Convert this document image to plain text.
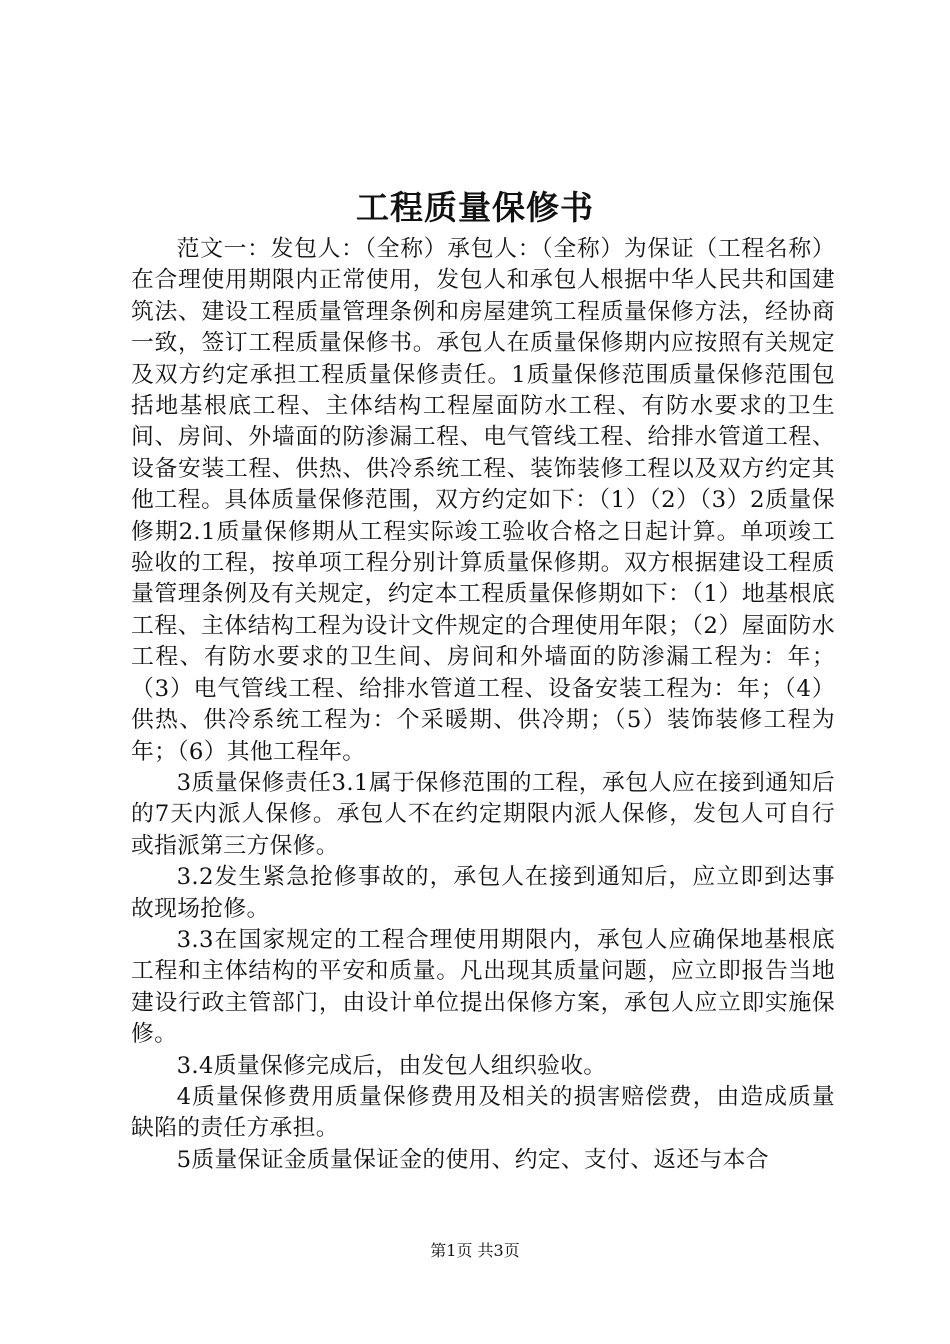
工程质量保修书

范文一：发包人：（全称）承包人：（全称）为保证（工程名称）在合理使用期限内正常使用，发包人和承包人根据中华人民共和国建筑法、建设工程质量管理条例和房屋建筑工程质量保修方法，经协商一致，签订工程质量保修书。承包人在质量保修期内应按照有关规定及双方约定承担工程质量保修责任。1质量保修范围质量保修范围包括地基根底工程、主体结构工程屋面防水工程、有防水要求的卫生间、房间、外墙面的防渗漏工程、电气管线工程、给排水管道工程、设备安装工程、供热、供冷系统工程、装饰装修工程以及双方约定其他工程。具体质量保修范围，双方约定如下：（1）（2）（3）2质量保修期2.1质量保修期从工程实际竣工验收合格之日起计算。单项竣工验收的工程，按单项工程分别计算质量保修期。双方根据建设工程质量管理条例及有关规定，约定本工程质量保修期如下：（1）地基根底工程、主体结构工程为设计文件规定的合理使用年限；（2）屋面防水工程、有防水要求的卫生间、房间和外墙面的防渗漏工程为：年；（3）电气管线工程、给排水管道工程、设备安装工程为：年；（4）供热、供冷系统工程为：个采暖期、供冷期；（5）装饰装修工程为年；（6）其他工程年。

3质量保修责任3.1属于保修范围的工程，承包人应在接到通知后的7天内派人保修。承包人不在约定期限内派人保修，发包人可自行或指派第三方保修。

3.2发生紧急抢修事故的，承包人在接到通知后，应立即到达事故现场抢修。

3.3在国家规定的工程合理使用期限内，承包人应确保地基根底工程和主体结构的平安和质量。凡出现其质量问题，应立即报告当地建设行政主管部门，由设计单位提出保修方案，承包人应立即实施保修。

3.4质量保修完成后，由发包人组织验收。

4质量保修费用质量保修费用及相关的损害赔偿费，由造成质量缺陷的责任方承担。

5质量保证金质量保证金的使用、约定、支付、返还与本合

第1页 共3页
